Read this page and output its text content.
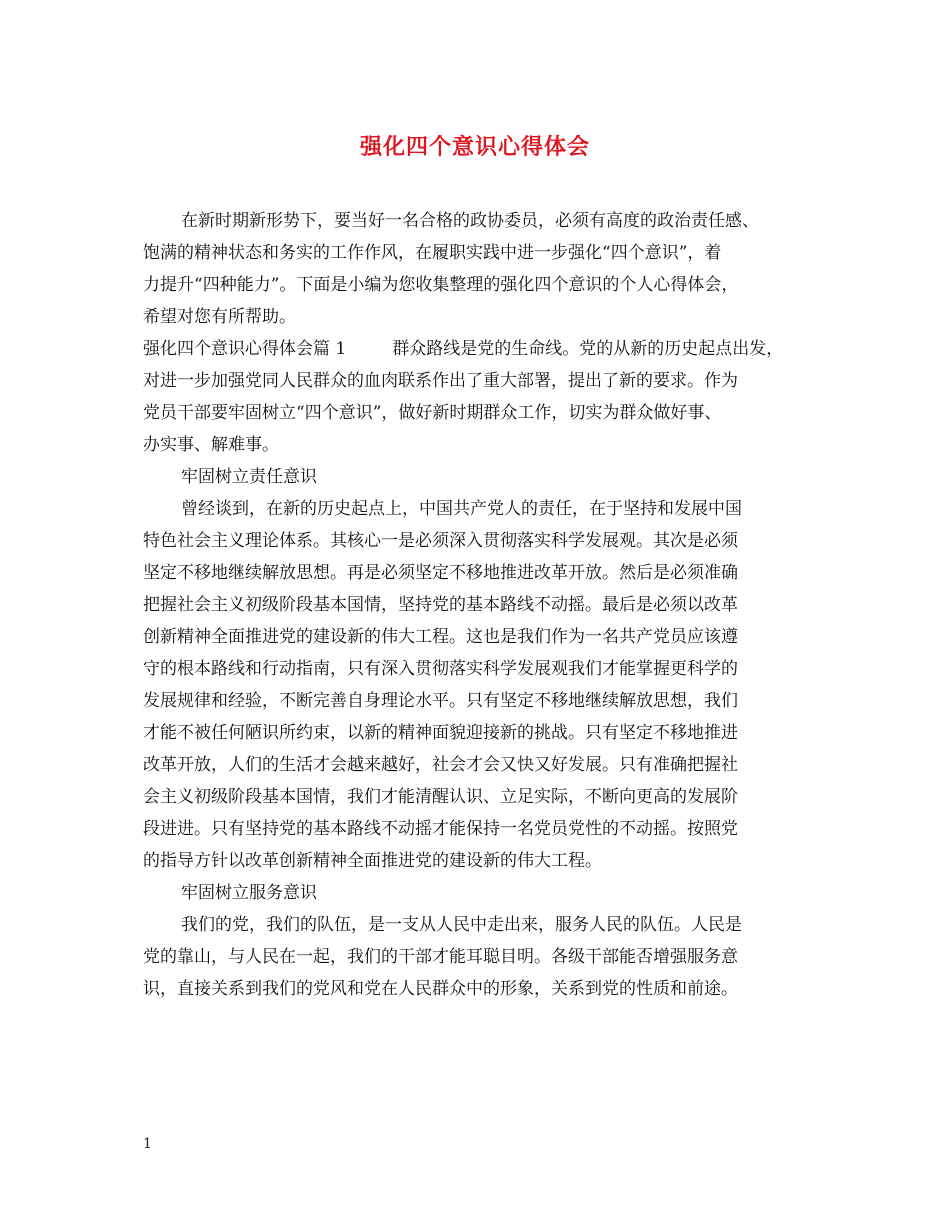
强化四个意识心得体会
在新时期新形势下，要当好一名合格的政协委员，必须有高度的政治责任感、
饱满的精神状态和务实的工作作风，在履职实践中进一步强化“四个意识”，着
力提升“四种能力”。下面是小编为您收集整理的强化四个意识的个人心得体会，
希望对您有所帮助。
强化四个意识心得体会篇 1	群众路线是党的生命线。党的从新的历史起点出发，
对进一步加强党同人民群众的血肉联系作出了重大部署，提出了新的要求。作为
党员干部要牢固树立“四个意识”，做好新时期群众工作，切实为群众做好事、
办实事、解难事。
牢固树立责任意识
曾经谈到，在新的历史起点上，中国共产党人的责任，在于坚持和发展中国
特色社会主义理论体系。其核心一是必须深入贯彻落实科学发展观。其次是必须
坚定不移地继续解放思想。再是必须坚定不移地推进改革开放。然后是必须准确
把握社会主义初级阶段基本国情，坚持党的基本路线不动摇。最后是必须以改革
创新精神全面推进党的建设新的伟大工程。这也是我们作为一名共产党员应该遵
守的根本路线和行动指南，只有深入贯彻落实科学发展观我们才能掌握更科学的
发展规律和经验，不断完善自身理论水平。只有坚定不移地继续解放思想，我们
才能不被任何陋识所约束，以新的精神面貌迎接新的挑战。只有坚定不移地推进
改革开放，人们的生活才会越来越好，社会才会又快又好发展。只有准确把握社
会主义初级阶段基本国情，我们才能清醒认识、立足实际，不断向更高的发展阶
段进进。只有坚持党的基本路线不动摇才能保持一名党员党性的不动摇。按照党
的指导方针以改革创新精神全面推进党的建设新的伟大工程。
牢固树立服务意识
我们的党，我们的队伍，是一支从人民中走出来，服务人民的队伍。人民是
党的靠山，与人民在一起，我们的干部才能耳聪目明。各级干部能否增强服务意
识，直接关系到我们的党风和党在人民群众中的形象，关系到党的性质和前途。
1
